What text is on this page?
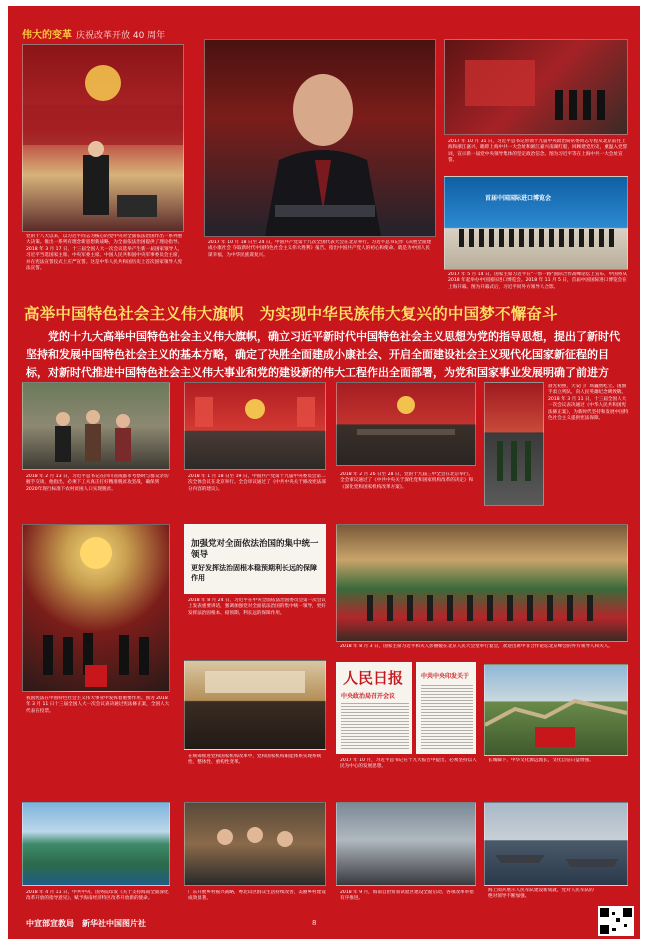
伟大的变革 庆祝改革开放 40 周年
党的十八大以来，以习近平同志为核心的党中央对全面依法治国作出一系列重大决策。推出一系列有理念新思想新战略，为全面依法治国提供了理论指导。2018 年 3 月 17 日，十三届全国人大一次会议选举产生新一届国家领导人，习近平当选国家主席、中央军委主席。中国人民共和国中央军事委员会主席，并在宪法宣誓仪式上庄严宣誓。这是中华人民共和国历史上首次国家领导人宪法宣誓。
2017 年 10 月 18 日至 24 日，中国共产党第十九次全国代表大会在北京举行。习近平总书记作《决胜全面建成小康社会 夺取新时代中国特色社会主义伟大胜利》报告。指出中国共产党人的初心和使命，就是为中国人民谋幸福，为中华民族谋复兴。
2017 年 10 月 31 日，习近平总书记带领十九届中央政治局常委同志专程从北京前往上海和浙江嘉兴，瞻仰上海中共一大会址和浙江嘉兴南湖红船，回顾建党历史，重温入党誓词，宣示新一届党中央领导集体的坚定政治信念。图为习近平等在上海中共一大会址宣誓。
首届中国国际进口博览会
2017 年 5 月 14 日，国家主席习近平在"一带一路"国际合作高峰论坛上宣布，中国将从 2018 年起举办中国国际进口博览会。2018 年 11 月 5 日，首届中国国际进口博览会在上海开幕。图为开幕式后，习近平同外方领导人合影。
高举中国特色社会主义伟大旗帜　为实现中华民族伟大复兴的中国梦不懈奋斗
党的十九大高举中国特色社会主义伟大旗帜，确立习近平新时代中国特色社会主义思想为党的指导思想，提出了新时代坚持和发展中国特色社会主义的基本方略，确定了决胜全面建成小康社会、开启全面建设社会主义现代化国家新征程的目标，对新时代推进中国特色社会主义伟大事业和党的建设新的伟大工程作出全面部署，为党和国家事业发展明确了前进方
2018 年 2 月 13 日，习近平总书记在四川省成都市考察时与群众亲切握手交谈，他指出，必须下工夫真正打好精准脱贫攻坚战，确保到2020年现行标准下农村贫困人口实现脱贫。
2018 年 1 月 18 日至 19 日，中国共产党第十九届中央委员会第二次全体会议在北京举行。全会审议通过了《中共中央关于修改宪法部分内容的建议》。
2018 年 2 月 26 日至 28 日，党的十九届三中全会在北京举行。全会审议通过了《中共中央关于深化党和国家机构改革的决定》和《深化党和国家机构改革方案》。
晨光初照，天安门广场巍然屹立。国旗手肃立列队，向人民英雄纪念碑致敬。2018 年 3 月 11 日，十三届全国人大一次会议表决通过《中华人民共和国宪法修正案》，为新时代坚持和发展中国特色社会主义提供宪法保障。
我国宪法在中国特色社会主义伟大事业中发挥着重要作用。图为 2018 年 3 月 11 日十三届全国人大一次会议表决通过宪法修正案，全国人大代表在投票。
加强党对全面依法治国的集中统一领导
更好发挥法治固根本稳预期利长远的保障作用
2018 年 8 月 24 日，习近平在中央全面依法治国委员会第一次会议上发表重要讲话，强调加强党对全面依法治国的集中统一领导，更好发挥法治固根本、稳预期、利长远的保障作用。
2018 年 8 月 3 日，国家主席习近平和夫人彭丽媛在北京人民大会堂举行宴会，欢迎出席中非合作论坛北京峰会的外方领导人和夫人。
在统筹推进党和国家机构改革中，党和国家机构职能体系实现系统性、整体性、重构性变革。
人民日报
中央政治局召开会议
中共中央印发关于
2017 年 10 月，习近平总书记在十九大报告中提出，必须坚持以人民为中心的发展思想。
长城脚下，中华文化源远流长，文化自信日益增强。
2018 年 4 月 11 日，中共中央、国务院印发《关于支持海南全面深化改革开放的指导意见》，赋予海南经济特区改革开放新的使命。
广东开展乡村振兴战略，粤北山区群众生活持续改善，美丽乡村建设成效显著。
2018 年 9 月，海南自由贸易试验区建设全面启动，各项改革举措有序推进。
海上阅兵展示人民军队建设新成就，党对人民军队的绝对领导不断加强。
中宣部宣教局　新华社中国图片社	8
